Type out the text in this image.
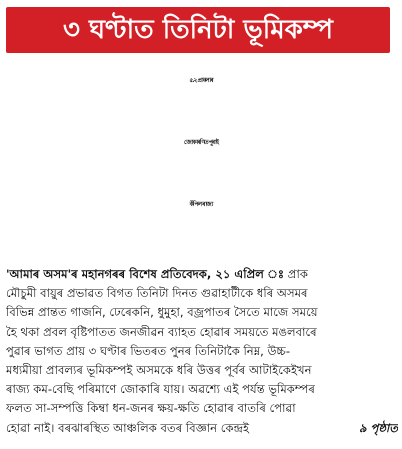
৩ ঘণ্টাত তিনিটা ভূমিকম্প
৫.২ প্ৰাবল্যৰ
জোকাৰণিত পুৰাই
কঁপিল ৰাজ্য
'আমাৰ অসম'ৰ মহানগৰৰ বিশেষ প্ৰতিবেদক, ২১ এপ্ৰিল ঃ প্ৰাক
মৌচুমী বায়ুৰ প্ৰভাৱত বিগত তিনিটা দিনত গুৱাহাটীকে ধৰি অসমৰ
বিভিন্ন প্ৰান্তত গাজনি, ঢেৰেকনি, ধুমুহা, বজ্ৰপাতৰ সৈতে মাজে সময়ে
হৈ থকা প্ৰবল বৃষ্টিপাতত জনজীৱন ব্যাহত হোৱাৰ সময়তে মঙলবাৰে
পুৱাৰ ভাগত প্ৰায় ৩ ঘণ্টাৰ ভিতৰত পুনৰ তিনিটাকৈ নিম্ন, উচ্চ-
মধ্যমীয়া প্ৰাবল্যৰ ভূমিকম্পই অসমকে ধৰি উত্তৰ পূৰ্বৰ আটাইকেইখন
ৰাজ্য কম-বেছি পৰিমাণে জোকাৰি যায়। অৱশ্যে এই পৰ্যন্ত ভূমিকম্পৰ
ফলত সা-সম্পত্তি কিম্বা ধন-জনৰ ক্ষয়-ক্ষতি হোৱাৰ বাতৰি পোৱা
৯ পৃষ্ঠাত
হোৱা নাই। বৰঝাৰস্থিত আঞ্চলিক বতৰ বিজ্ঞান কেন্দ্ৰই
